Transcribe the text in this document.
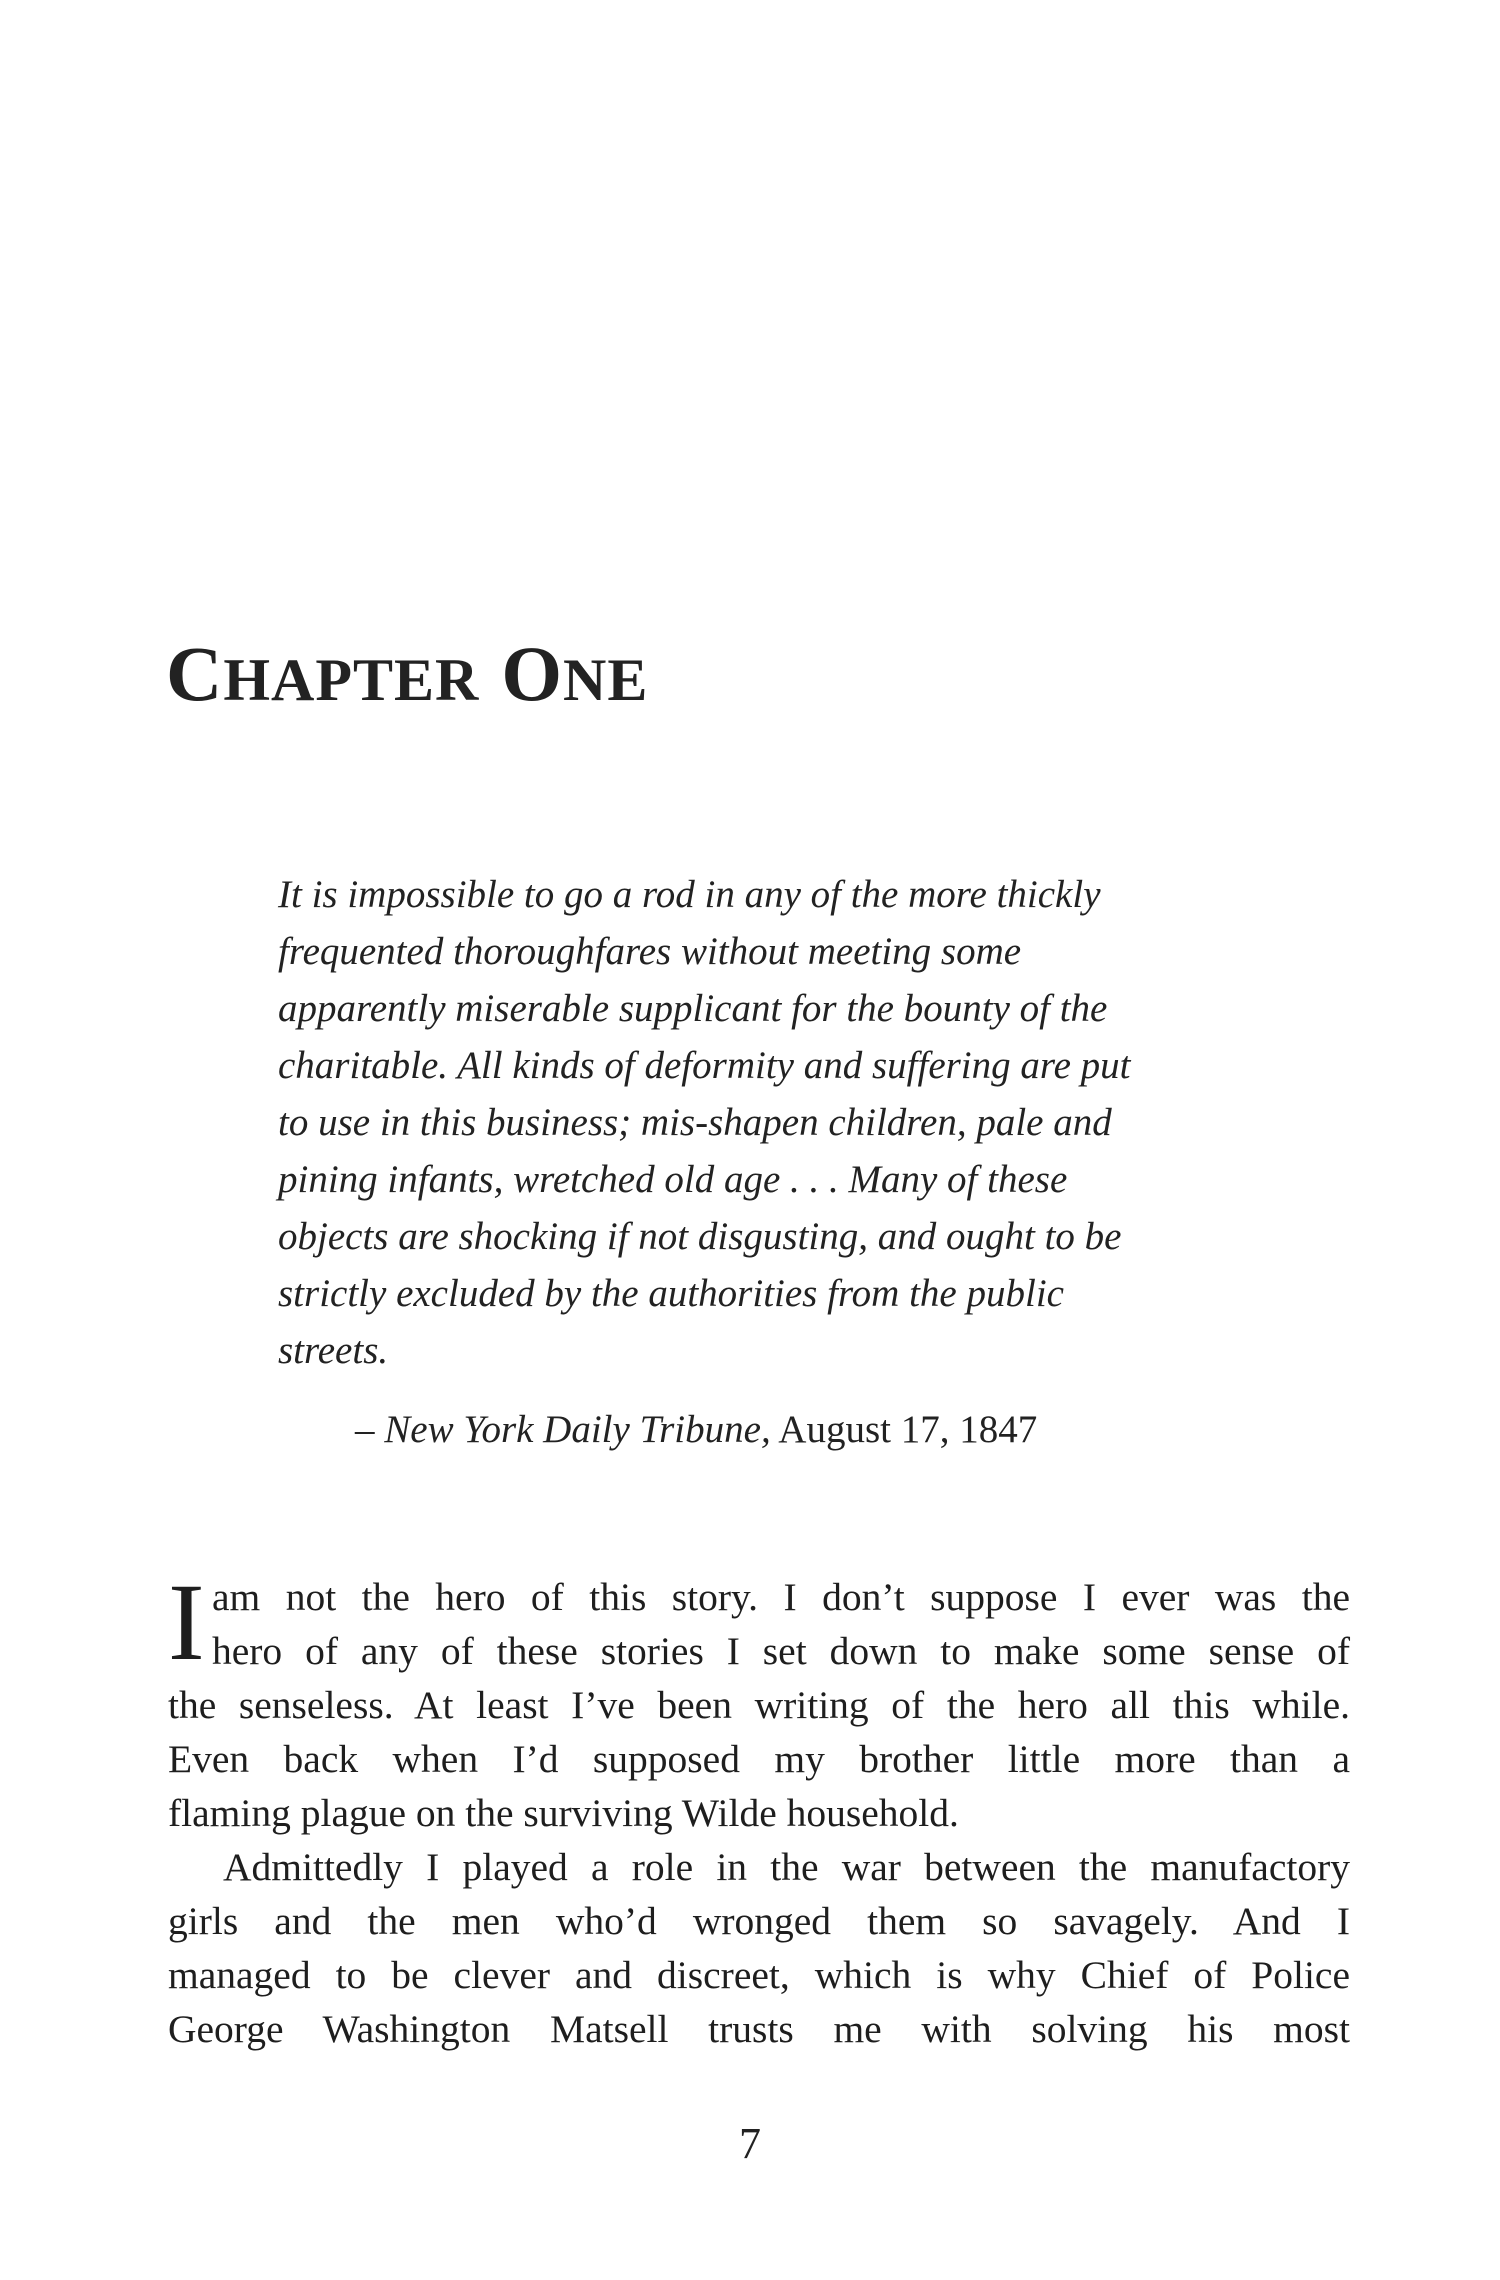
CHAPTER ONE

It is impossible to go a rod in any of the more thickly
frequented thoroughfares without meeting some
apparently miserable supplicant for the bounty of the
charitable. All kinds of deformity and suffering are put
to use in this business; mis-shapen children, pale and
pining infants, wretched old age . . . Many of these
objects are shocking if not disgusting, and ought to be
strictly excluded by the authorities from the public
streets.

– New York Daily Tribune, August 17, 1847
I am not the hero of this story. I don’t suppose I ever was the
hero of any of these stories I set down to make some sense of
the senseless. At least I’ve been writing of the hero all this while.
Even back when I’d supposed my brother little more than a
flaming plague on the surviving Wilde household.
Admittedly I played a role in the war between the manufactory
girls and the men who’d wronged them so savagely. And I
managed to be clever and discreet, which is why Chief of Police
George Washington Matsell trusts me with solving his most
7
